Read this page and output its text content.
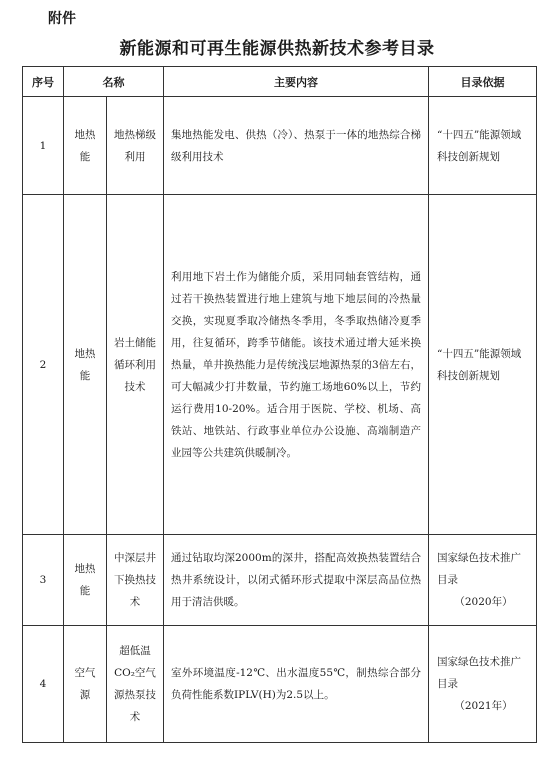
附件
新能源和可再生能源供热新技术参考目录
序号	名称		主要内容	目录依据
1	地热能	地热梯级利用	集地热能发电、供热（冷）、热泵于一体的地热综合梯级利用技术	“十四五”能源领域科技创新规划
2	地热能	岩土储能循环利用技术	利用地下岩土作为储能介质，采用同轴套管结构，通过若干换热装置进行地上建筑与地下地层间的冷热量交换，实现夏季取冷储热冬季用，冬季取热储冷夏季用，往复循环，跨季节储能。该技术通过增大延米换热量，单井换热能力是传统浅层地源热泵的3倍左右，可大幅减少打井数量，节约施工场地60%以上，节约运行费用10-20%。适合用于医院、学校、机场、高铁站、地铁站、行政事业单位办公设施、高端制造产业园等公共建筑供暖制冷。	“十四五”能源领域科技创新规划
3	地热能	中深层井下换热技术	通过钻取均深2000m的深井，搭配高效换热装置结合热井系统设计，以闭式循环形式提取中深层高品位热用于清洁供暖。	国家绿色技术推广目录
（2020年）

4	空气源	超低温CO₂空气源热泵技术	室外环境温度-12℃、出水温度55℃，制热综合部分负荷性能系数IPLV(H)为2.5以上。	国家绿色技术推广目录
（2021年）
